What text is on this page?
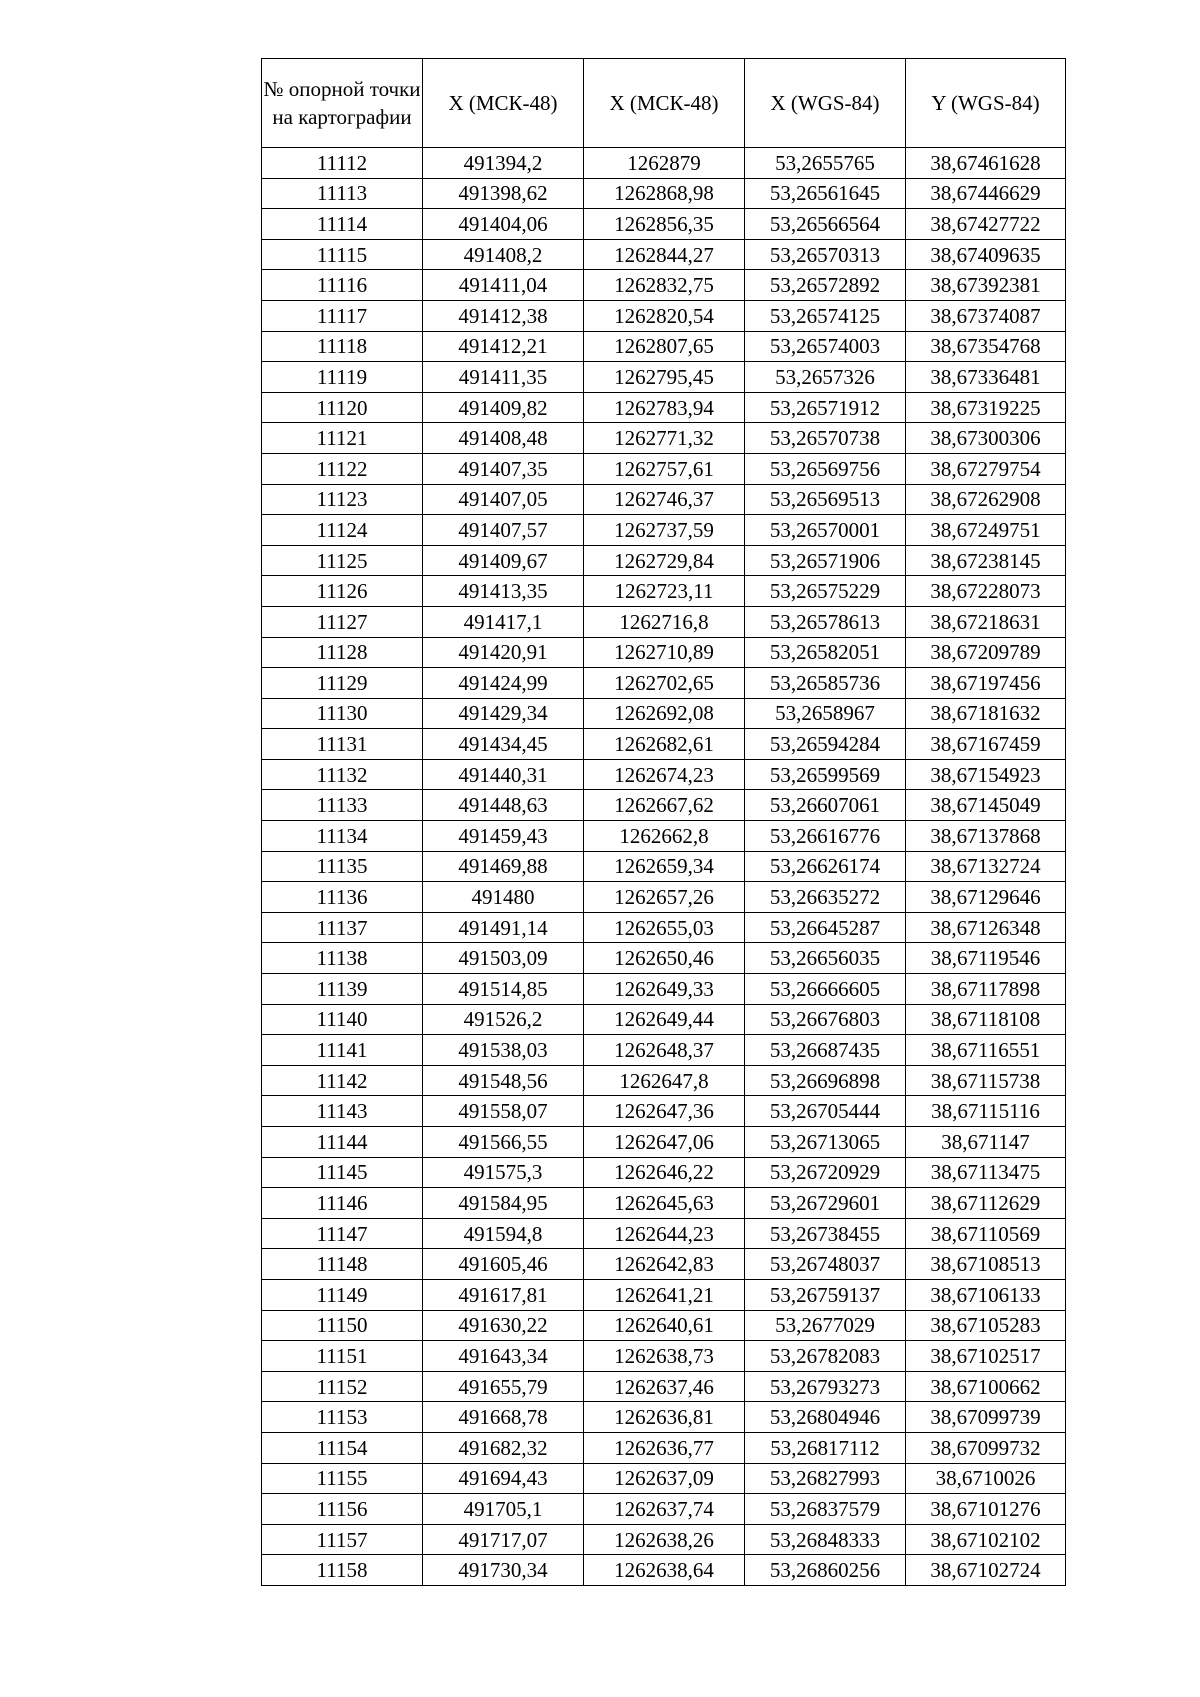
№ опорной точки на картографии	X (МСК-48)	X (МСК-48)	X (WGS-84)	Y (WGS-84)
11112	491394,2	1262879	53,2655765	38,67461628
11113	491398,62	1262868,98	53,26561645	38,67446629
11114	491404,06	1262856,35	53,26566564	38,67427722
11115	491408,2	1262844,27	53,26570313	38,67409635
11116	491411,04	1262832,75	53,26572892	38,67392381
11117	491412,38	1262820,54	53,26574125	38,67374087
11118	491412,21	1262807,65	53,26574003	38,67354768
11119	491411,35	1262795,45	53,2657326	38,67336481
11120	491409,82	1262783,94	53,26571912	38,67319225
11121	491408,48	1262771,32	53,26570738	38,67300306
11122	491407,35	1262757,61	53,26569756	38,67279754
11123	491407,05	1262746,37	53,26569513	38,67262908
11124	491407,57	1262737,59	53,26570001	38,67249751
11125	491409,67	1262729,84	53,26571906	38,67238145
11126	491413,35	1262723,11	53,26575229	38,67228073
11127	491417,1	1262716,8	53,26578613	38,67218631
11128	491420,91	1262710,89	53,26582051	38,67209789
11129	491424,99	1262702,65	53,26585736	38,67197456
11130	491429,34	1262692,08	53,2658967	38,67181632
11131	491434,45	1262682,61	53,26594284	38,67167459
11132	491440,31	1262674,23	53,26599569	38,67154923
11133	491448,63	1262667,62	53,26607061	38,67145049
11134	491459,43	1262662,8	53,26616776	38,67137868
11135	491469,88	1262659,34	53,26626174	38,67132724
11136	491480	1262657,26	53,26635272	38,67129646
11137	491491,14	1262655,03	53,26645287	38,67126348
11138	491503,09	1262650,46	53,26656035	38,67119546
11139	491514,85	1262649,33	53,26666605	38,67117898
11140	491526,2	1262649,44	53,26676803	38,67118108
11141	491538,03	1262648,37	53,26687435	38,67116551
11142	491548,56	1262647,8	53,26696898	38,67115738
11143	491558,07	1262647,36	53,26705444	38,67115116
11144	491566,55	1262647,06	53,26713065	38,671147
11145	491575,3	1262646,22	53,26720929	38,67113475
11146	491584,95	1262645,63	53,26729601	38,67112629
11147	491594,8	1262644,23	53,26738455	38,67110569
11148	491605,46	1262642,83	53,26748037	38,67108513
11149	491617,81	1262641,21	53,26759137	38,67106133
11150	491630,22	1262640,61	53,2677029	38,67105283
11151	491643,34	1262638,73	53,26782083	38,67102517
11152	491655,79	1262637,46	53,26793273	38,67100662
11153	491668,78	1262636,81	53,26804946	38,67099739
11154	491682,32	1262636,77	53,26817112	38,67099732
11155	491694,43	1262637,09	53,26827993	38,6710026
11156	491705,1	1262637,74	53,26837579	38,67101276
11157	491717,07	1262638,26	53,26848333	38,67102102
11158	491730,34	1262638,64	53,26860256	38,67102724
